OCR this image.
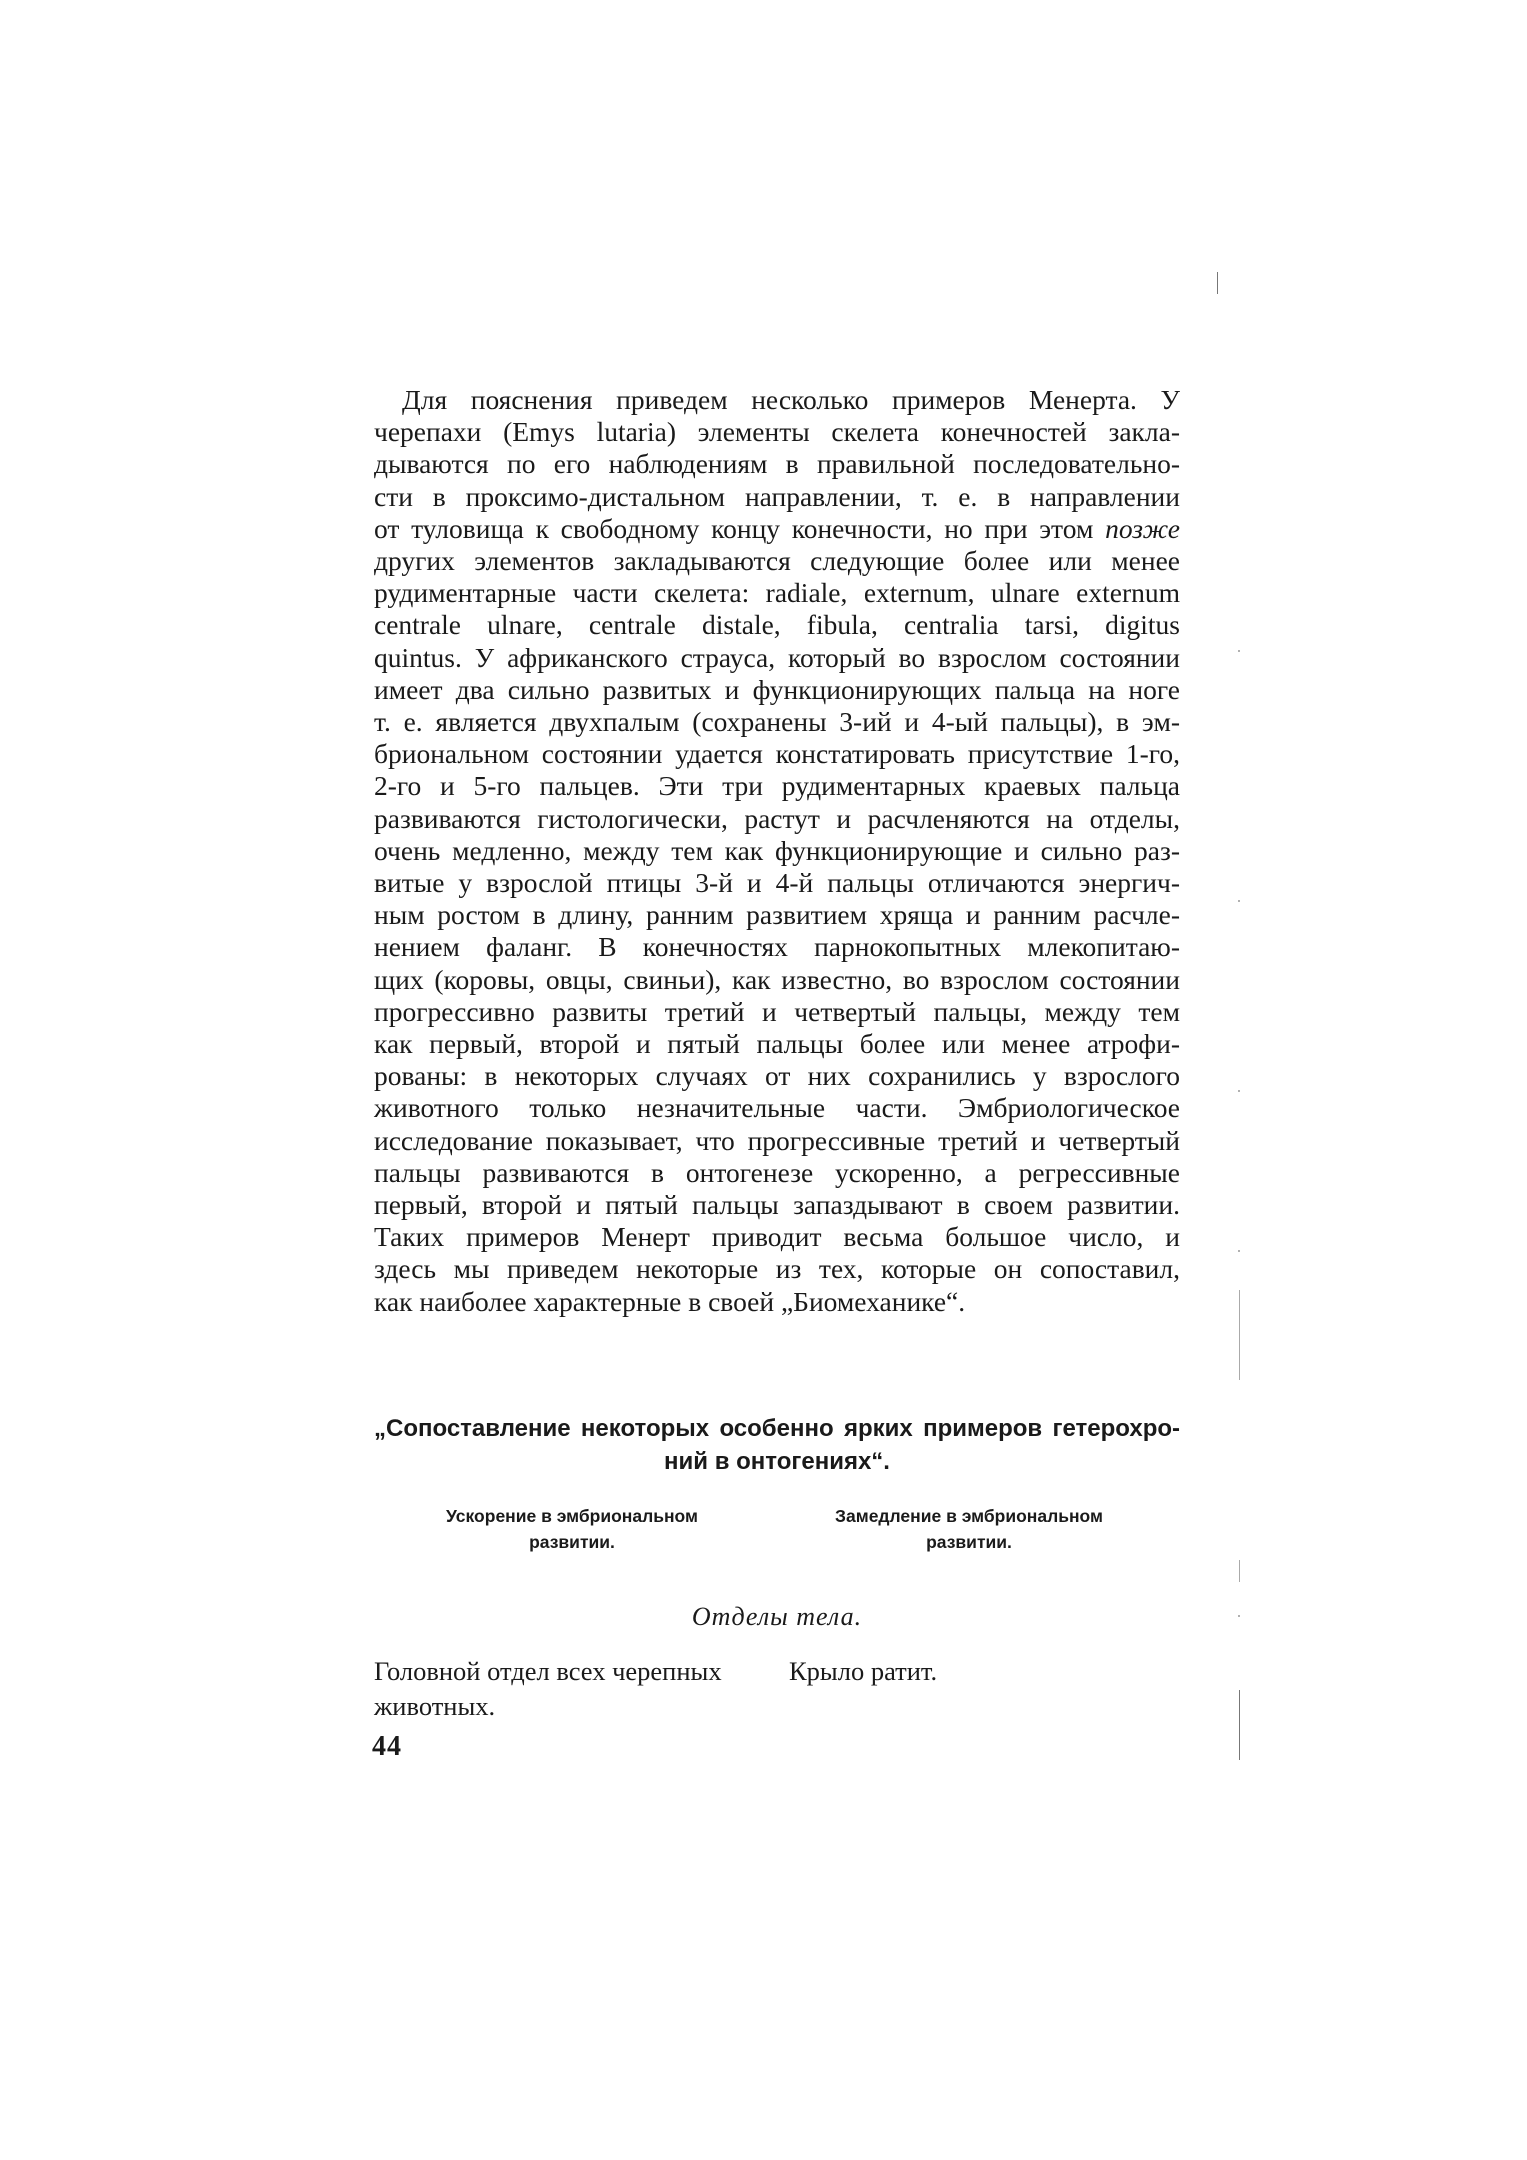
Для пояснения приведем несколько примеров Менерта. У
черепахи (Emys lutaria) элементы скелета конечностей закла-
дываются по его наблюдениям в правильной последовательно-
сти в проксимо-дистальном направлении, т. е. в направлении
от туловища к свободному концу конечности, но при этом позже
других элементов закладываются следующие более или менее
рудиментарные части скелета: radiale, externum, ulnare externum
centrale ulnare, centrale distale, fibula, centralia tarsi, digitus
quintus. У африканского страуса, который во взрослом состоянии
имеет два сильно развитых и функционирующих пальца на ноге
т. е. является двухпалым (сохранены 3-ий и 4-ый пальцы), в эм-
бриональном состоянии удается констатировать присутствие 1-го,
2-го и 5-го пальцев. Эти три рудиментарных краевых пальца
развиваются гистологически, растут и расчленяются на отделы,
очень медленно, между тем как функционирующие и сильно раз-
витые у взрослой птицы 3-й и 4-й пальцы отличаются энергич-
ным ростом в длину, ранним развитием хряща и ранним расчле-
нением фаланг. В конечностях парнокопытных млекопитаю-
щих (коровы, овцы, свиньи), как известно, во взрослом состоянии
прогрессивно развиты третий и четвертый пальцы, между тем
как первый, второй и пятый пальцы более или менее атрофи-
рованы: в некоторых случаях от них сохранились у взрослого
животного только незначительные части. Эмбриологическое
исследование показывает, что прогрессивные третий и четвертый
пальцы развиваются в онтогенезе ускоренно, а регрессивные
первый, второй и пятый пальцы запаздывают в своем развитии.
Таких примеров Менерт приводит весьма большое число, и
здесь мы приведем некоторые из тех, которые он сопоставил,
как наиболее характерные в своей „Биомеханике“.
„Сопоставление некоторых особенно ярких примеров гетерохро-
ний в онтогениях“.
Ускорение в эмбриональном
развитии.
Замедление в эмбриональном
развитии.
Отделы тела.
Головной отдел всех черепных
животных.
Крыло ратит.
44
